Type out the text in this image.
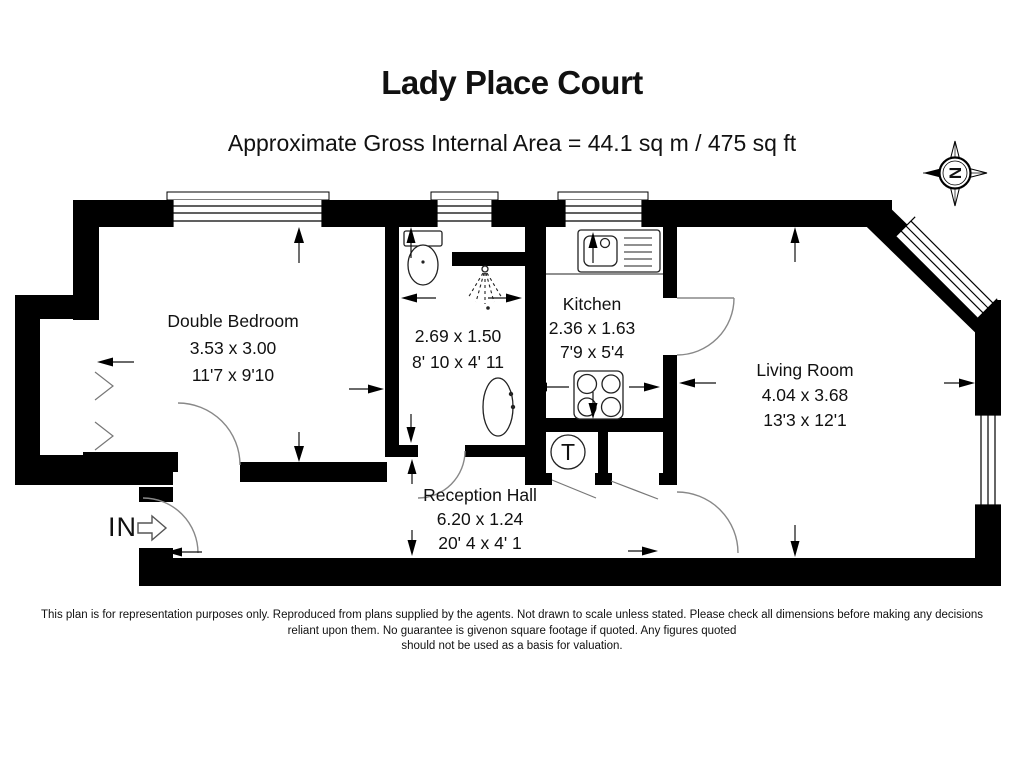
Lady Place Court
Approximate Gross Internal Area = 44.1 sq m / 475 sq ft
T
N
Double Bedroom
3.53 x 3.00
11'7 x 9'10
2.69 x 1.50
8' 10 x 4' 11
Kitchen
2.36 x 1.63
7'9 x 5'4
Living Room
4.04 x 3.68
13'3 x 12'1
Reception Hall
6.20 x 1.24
20' 4 x 4' 1
IN
This plan is for representation purposes only. Reproduced from plans supplied by the agents. Not drawn to scale unless stated. Please check all dimensions before making any decisions
reliant upon them. No guarantee is givenon square footage if quoted. Any figures quoted
should not be used as a basis for valuation.
